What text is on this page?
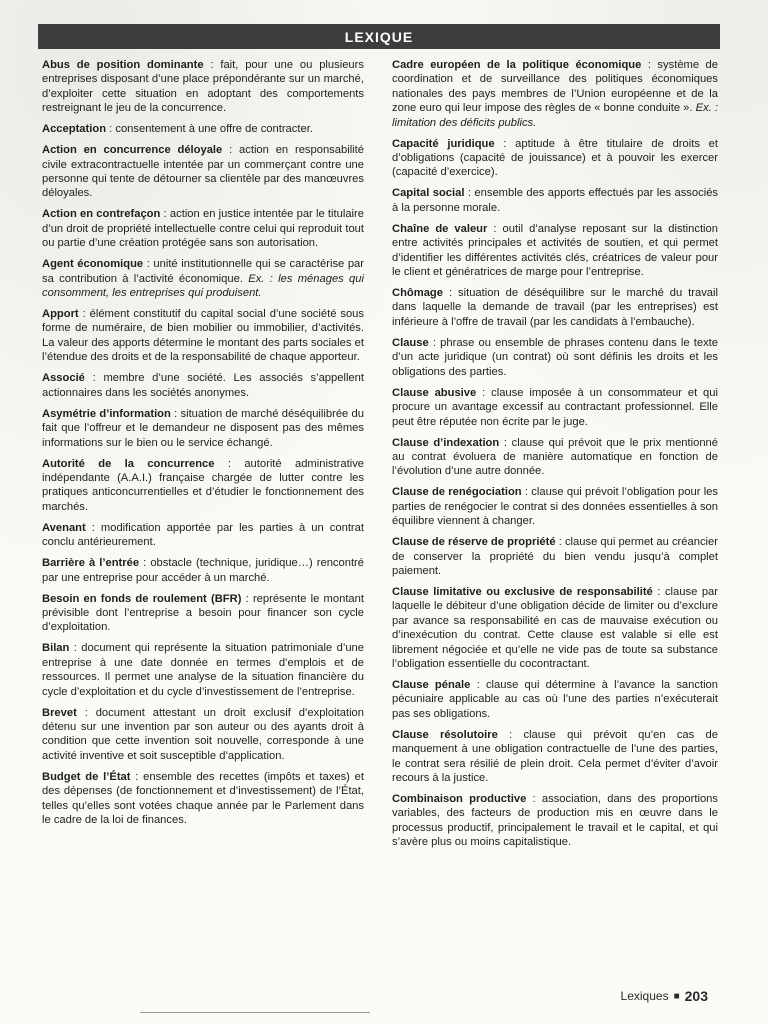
LEXIQUE

Abus de position dominante : fait, pour une ou plusieurs entreprises disposant d’une place prépondérante sur un marché, d’exploiter cette situation en adoptant des comportements restreignant le jeu de la concurrence.

Acceptation : consentement à une offre de contracter.

Action en concurrence déloyale : action en responsabilité civile extracontractuelle intentée par un commerçant contre une personne qui tente de détourner sa clientèle par des manœuvres déloyales.

Action en contrefaçon : action en justice intentée par le titulaire d’un droit de propriété intellectuelle contre celui qui reproduit tout ou partie d’une création protégée sans son autorisation.

Agent économique : unité institutionnelle qui se caractérise par sa contribution à l’activité économique. Ex. : les ménages qui consomment, les entreprises qui produisent.

Apport : élément constitutif du capital social d’une société sous forme de numéraire, de bien mobilier ou immobilier, d’activités. La valeur des apports détermine le montant des parts sociales et l’étendue des droits et de la responsabilité de chaque apporteur.

Associé : membre d’une société. Les associés s’appellent actionnaires dans les sociétés anonymes.

Asymétrie d’information : situation de marché déséquilibrée du fait que l’offreur et le demandeur ne disposent pas des mêmes informations sur le bien ou le service échangé.

Autorité de la concurrence : autorité administrative indépendante (A.A.I.) française chargée de lutter contre les pratiques anticoncurrentielles et d’étudier le fonctionnement des marchés.

Avenant : modification apportée par les parties à un contrat conclu antérieurement.

Barrière à l’entrée : obstacle (technique, juridique…) rencontré par une entreprise pour accéder à un marché.

Besoin en fonds de roulement (BFR) : représente le montant prévisible dont l’entreprise a besoin pour financer son cycle d’exploitation.

Bilan : document qui représente la situation patrimoniale d’une entreprise à une date donnée en termes d’emplois et de ressources. Il permet une analyse de la situation financière du cycle d’exploitation et du cycle d’investissement de l’entreprise.

Brevet : document attestant un droit exclusif d’exploitation détenu sur une invention par son auteur ou des ayants droit à condition que cette invention soit nouvelle, corresponde à une activité inventive et soit susceptible d’application.

Budget de l’État : ensemble des recettes (impôts et taxes) et des dépenses (de fonctionnement et d’investissement) de l’État, telles qu’elles sont votées chaque année par le Parlement dans le cadre de la loi de finances.

Cadre européen de la politique économique : système de coordination et de surveillance des politiques économiques nationales des pays membres de l’Union européenne et de la zone euro qui leur impose des règles de « bonne conduite ». Ex. : limitation des déficits publics.

Capacité juridique : aptitude à être titulaire de droits et d’obligations (capacité de jouissance) et à pouvoir les exercer (capacité d’exercice).

Capital social : ensemble des apports effectués par les associés à la personne morale.

Chaîne de valeur : outil d’analyse reposant sur la distinction entre activités principales et activités de soutien, et qui permet d’identifier les différentes activités clés, créatrices de valeur pour le client et génératrices de marge pour l’entreprise.

Chômage : situation de déséquilibre sur le marché du travail dans laquelle la demande de travail (par les entreprises) est inférieure à l’offre de travail (par les candidats à l’embauche).

Clause : phrase ou ensemble de phrases contenu dans le texte d’un acte juridique (un contrat) où sont définis les droits et les obligations des parties.

Clause abusive : clause imposée à un consommateur et qui procure un avantage excessif au contractant professionnel. Elle peut être réputée non écrite par le juge.

Clause d’indexation : clause qui prévoit que le prix mentionné au contrat évoluera de manière automatique en fonction de l’évolution d’une autre donnée.

Clause de renégociation : clause qui prévoit l’obligation pour les parties de renégocier le contrat si des données essentielles à son équilibre viennent à changer.

Clause de réserve de propriété : clause qui permet au créancier de conserver la propriété du bien vendu jusqu’à complet paiement.

Clause limitative ou exclusive de responsabilité : clause par laquelle le débiteur d’une obligation décide de limiter ou d’exclure par avance sa responsabilité en cas de mauvaise exécution ou d’inexécution du contrat. Cette clause est valable si elle est librement négociée et qu’elle ne vide pas de toute sa substance l’obligation essentielle du cocontractant.

Clause pénale : clause qui détermine à l’avance la sanction pécuniaire applicable au cas où l’une des parties n’exécuterait pas ses obligations.

Clause résolutoire : clause qui prévoit qu’en cas de manquement à une obligation contractuelle de l’une des parties, le contrat sera résilié de plein droit. Cela permet d’éviter d’avoir recours à la justice.

Combinaison productive : association, dans des proportions variables, des facteurs de production mis en œuvre dans le processus productif, principalement le travail et le capital, et qui s’avère plus ou moins capitalistique.

Lexiques ■ 203
